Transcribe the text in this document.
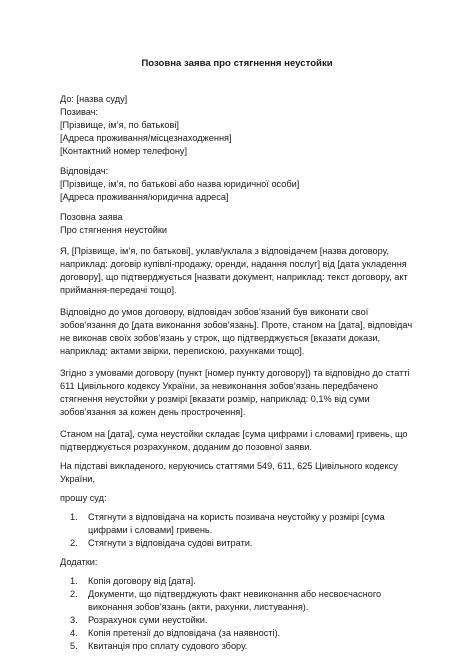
Позовна заява про стягнення неустойки
До: [назва суду]
Позивач:
[Прізвище, ім’я, по батькові]
[Адреса проживання/місцезнаходження]
[Контактний номер телефону]
Відповідач:
[Прізвище, ім’я, по батькові або назва юридичної особи]
[Адреса проживання/юридична адреса]
Позовна заява
Про стягнення неустойки
Я, [Прізвище, ім’я, по батькові], уклав/уклала з відповідачем [назва договору, наприклад: договір купівлі-продажу, оренди, надання послуг] від [дата укладення договору], що підтверджується [назвати документ, наприклад: текст договору, акт приймання-передачі тощо].
Відповідно до умов договору, відповідач зобов’язаний був виконати свої зобов’язання до [дата виконання зобов’язань]. Проте, станом на [дата], відповідач не виконав своїх зобов’язань у строк, що підтверджується [вказати докази, наприклад: актами звірки, перепискою, рахунками тощо].
Згідно з умовами договору (пункт [номер пункту договору]) та відповідно до статті 611 Цивільного кодексу України, за невиконання зобов’язань передбачено стягнення неустойки у розмірі [вказати розмір, наприклад: 0,1% від суми зобов’язання за кожен день прострочення].
Станом на [дата], сума неустойки складає [сума цифрами і словами] гривень, що підтверджується розрахунком, доданим до позовної заяви.
На підставі викладеного, керуючись статтями 549, 611, 625 Цивільного кодексу України,
прошу суд:
1. Стягнути з відповідача на користь позивача неустойку у розмірі [сума цифрами і словами] гривень.
2. Стягнути з відповідача судові витрати.
Додатки:
1. Копія договору від [дата].
2. Документи, що підтверджують факт невиконання або несвоєчасного виконання зобов’язань (акти, рахунки, листування).
3. Розрахунок суми неустойки.
4. Копія претензії до відповідача (за наявності).
5. Квитанція про сплату судового збору.
